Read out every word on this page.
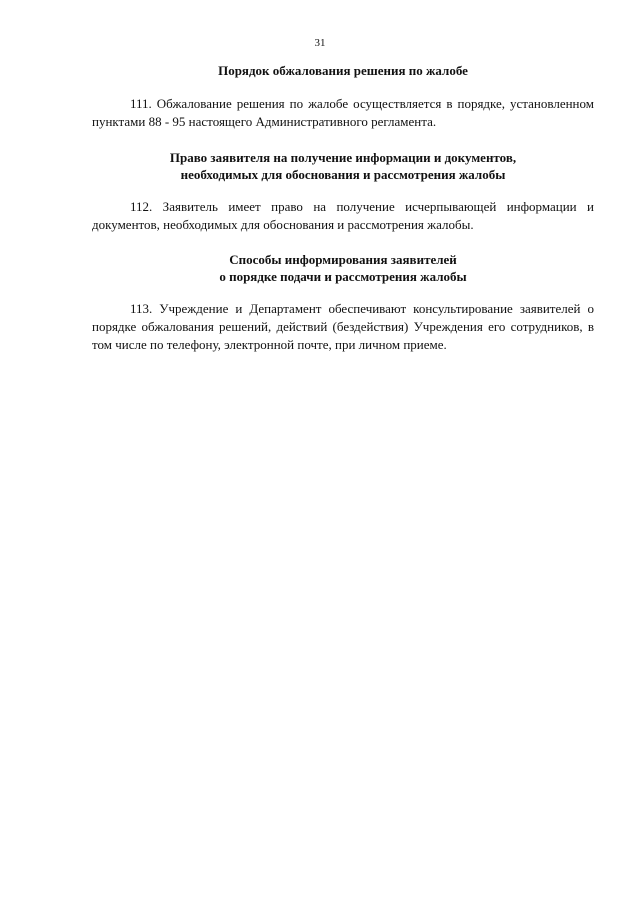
31
Порядок обжалования решения по жалобе

111. Обжалование решения по жалобе осуществляется в порядке, установленном пунктами 88 - 95 настоящего Административного регламента.

Право заявителя на получение информации и документов,
необходимых для обоснования и рассмотрения жалобы

112. Заявитель имеет право на получение исчерпывающей информации и документов, необходимых для обоснования и рассмотрения жалобы.

Способы информирования заявителей
о порядке подачи и рассмотрения жалобы

113. Учреждение и Департамент обеспечивают консультирование заявителей о порядке обжалования решений, действий (бездействия) Учреждения его сотрудников, в том числе по телефону, электронной почте, при личном приеме.
